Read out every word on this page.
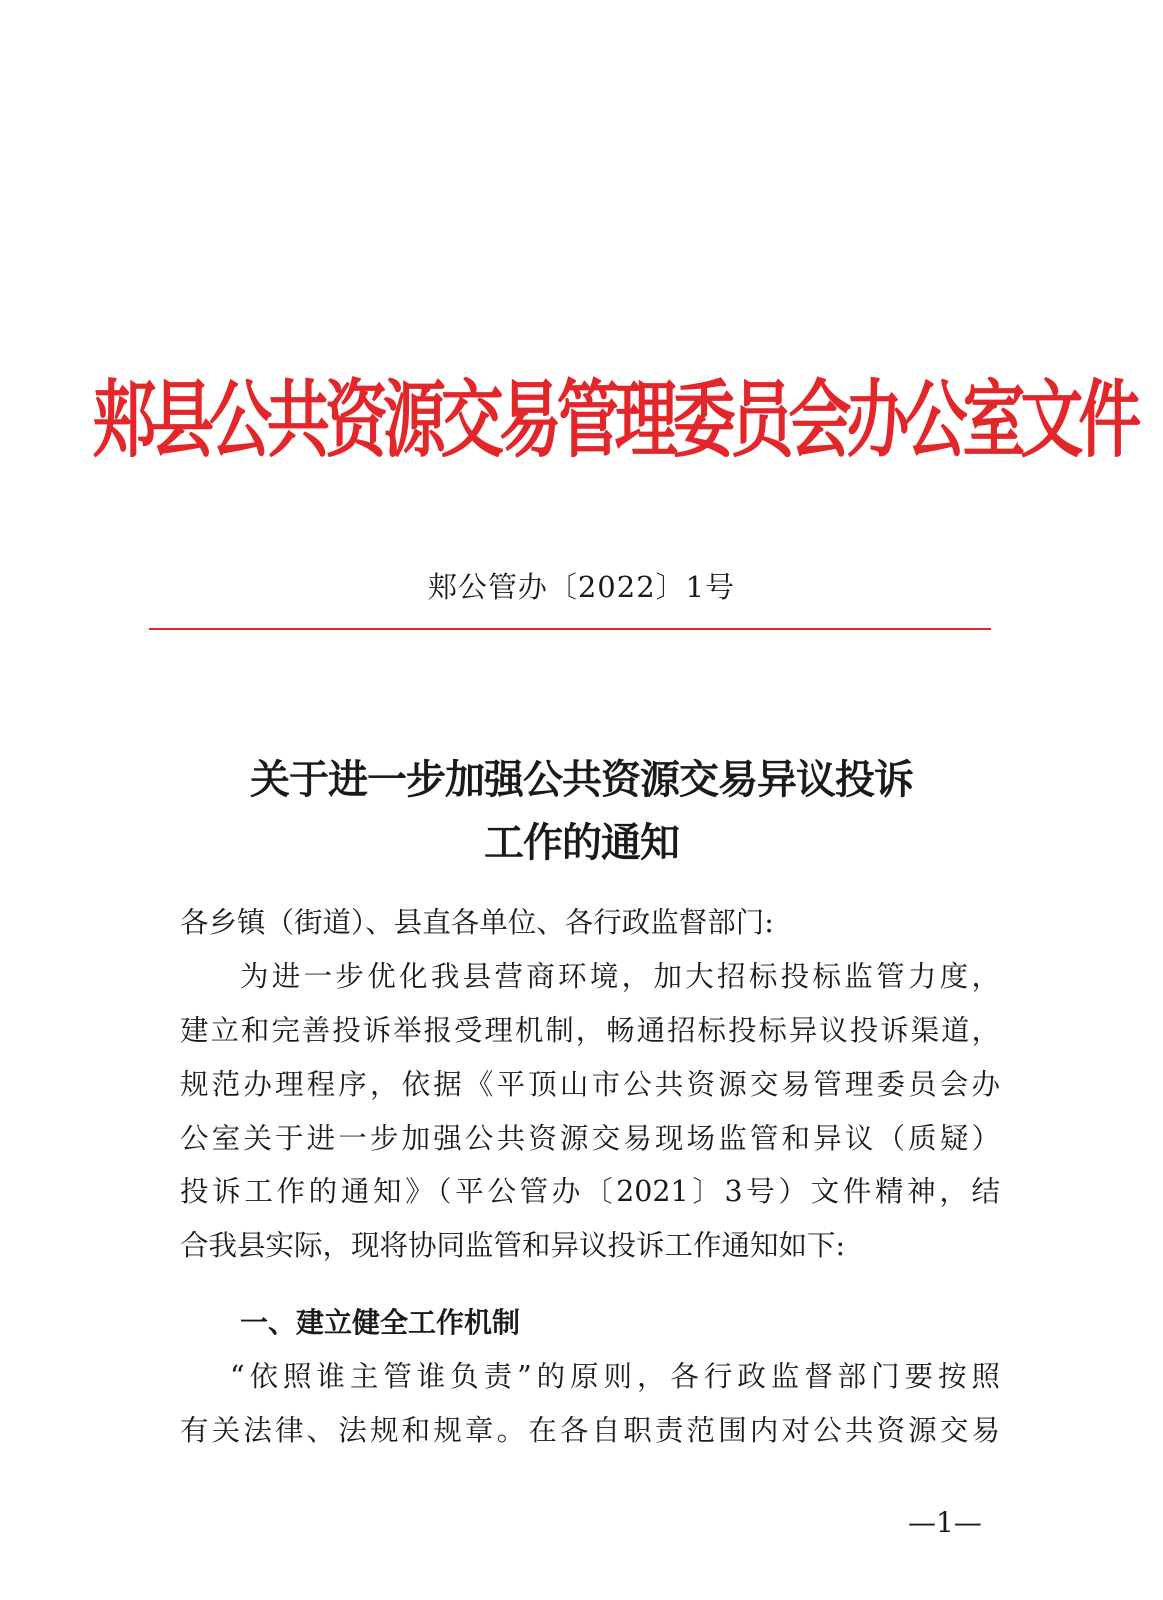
郏县公共资源交易管理委员会办公室文件
郏公管办〔2022〕1号
关于进一步加强公共资源交易异议投诉
工作的通知
各乡镇（街道）、县直各单位、各行政监督部门:
为进一步优化我县营商环境，加大招标投标监管力度，
建立和完善投诉举报受理机制，畅通招标投标异议投诉渠道，
规范办理程序，依据《平顶山市公共资源交易管理委员会办
公室关于进一步加强公共资源交易现场监管和异议（质疑）
投诉工作的通知》（平公管办〔2021〕3号）文件精神，结
合我县实际，现将协同监管和异议投诉工作通知如下:
一、建立健全工作机制
“依照谁主管谁负责”的原则，各行政监督部门要按照
有关法律、法规和规章。在各自职责范围内对公共资源交易
—1—
